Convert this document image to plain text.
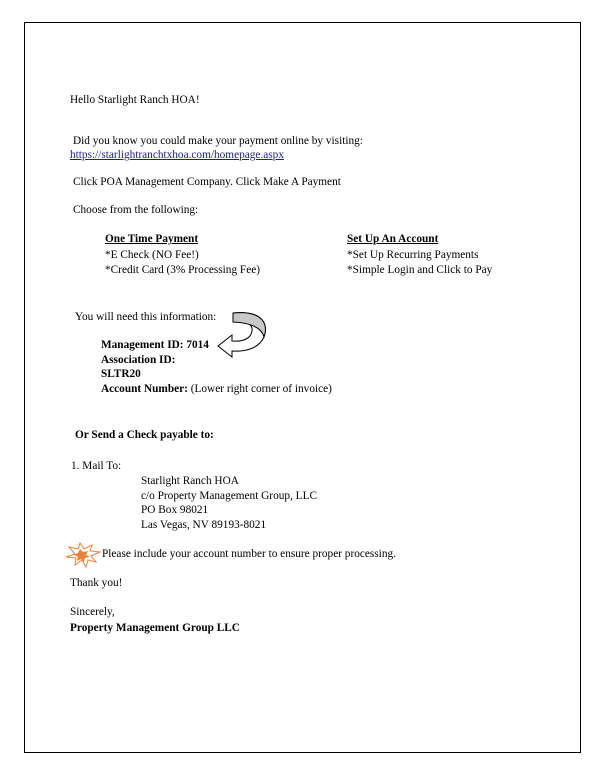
Hello Starlight Ranch HOA!
Did you know you could make your payment online by visiting:
https://starlightranchtxhoa.com/homepage.aspx
Click POA Management Company. Click Make A Payment
Choose from the following:
One Time Payment
*E Check (NO Fee!)
*Credit Card (3% Processing Fee)
Set Up An Account
*Set Up Recurring Payments
*Simple Login and Click to Pay
You will need this information:
Management ID: 7014
Association ID:
SLTR20
Account Number: (Lower right corner of invoice)
Or Send a Check payable to:
1. Mail To:
Starlight Ranch HOA
c/o Property Management Group, LLC
PO Box 98021
Las Vegas, NV 89193-8021
Please include your account number to ensure proper processing.
Thank you!
Sincerely,
Property Management Group LLC
